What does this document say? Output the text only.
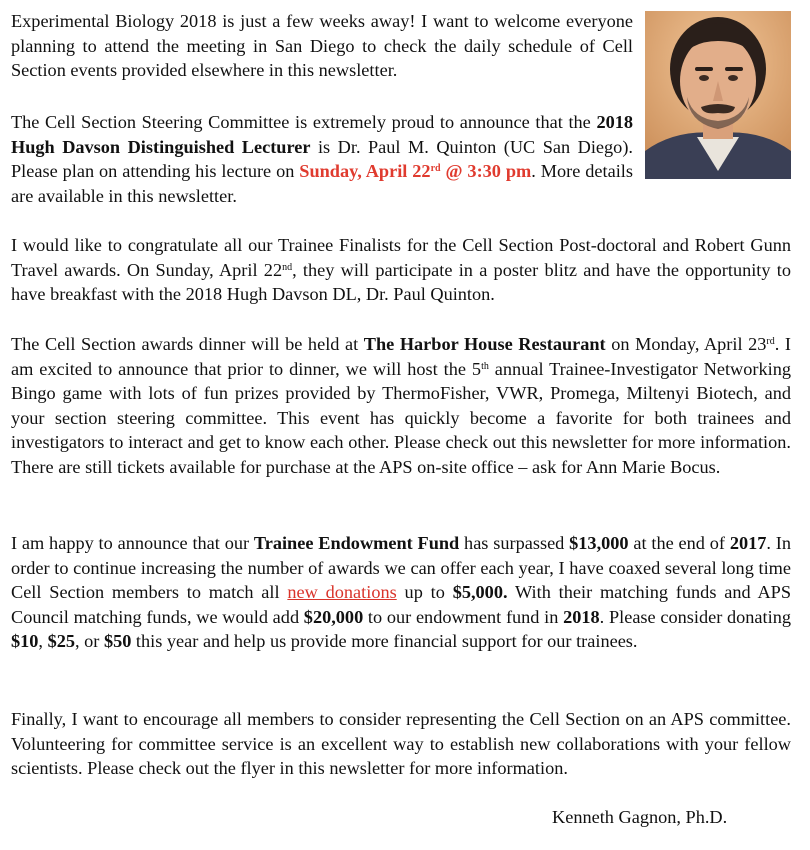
Experimental Biology 2018 is just a few weeks away! I want to welcome everyone planning to attend the meeting in San Diego to check the daily schedule of Cell Section events provided elsewhere in this newsletter.

The Cell Section Steering Committee is extremely proud to announce that the 2018 Hugh Davson Distinguished Lecturer is Dr. Paul M. Quinton (UC San Diego). Please plan on attending his lecture on Sunday, April 22rd @ 3:30 pm. More details are available in this newsletter.

I would like to congratulate all our Trainee Finalists for the Cell Section Post-doctoral and Robert Gunn Travel awards. On Sunday, April 22nd, they will participate in a poster blitz and have the opportunity to have breakfast with the 2018 Hugh Davson DL, Dr. Paul Quinton.

The Cell Section awards dinner will be held at The Harbor House Restaurant on Monday, April 23rd. I am excited to announce that prior to dinner, we will host the 5th annual Trainee-Investigator Networking Bingo game with lots of fun prizes provided by ThermoFisher, VWR, Promega, Miltenyi Biotech, and your section steering committee. This event has quickly become a favorite for both trainees and investigators to interact and get to know each other. Please check out this newsletter for more information. There are still tickets available for purchase at the APS on-site office – ask for Ann Marie Bocus.

I am happy to announce that our Trainee Endowment Fund has surpassed $13,000 at the end of 2017. In order to continue increasing the number of awards we can offer each year, I have coaxed several long time Cell Section members to match all new donations up to $5,000. With their matching funds and APS Council matching funds, we would add $20,000 to our endowment fund in 2018. Please consider donating $10, $25, or $50 this year and help us provide more financial support for our trainees.

Finally, I want to encourage all members to consider representing the Cell Section on an APS committee. Volunteering for committee service is an excellent way to establish new collaborations with your fellow scientists. Please check out the flyer in this newsletter for more information.

Kenneth Gagnon, Ph.D.
